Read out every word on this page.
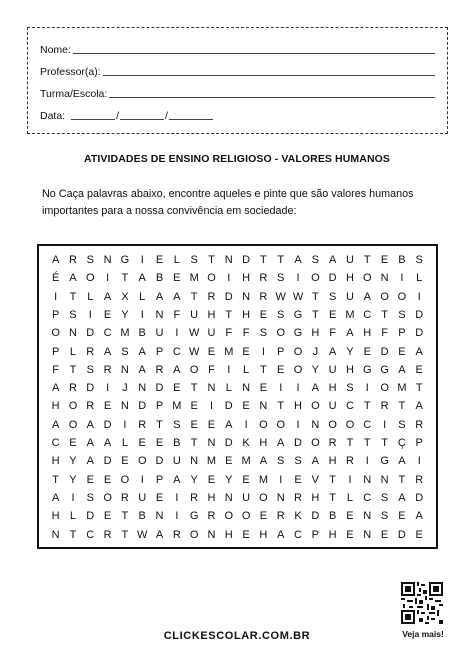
Nome:
Professor(a):
Turma/Escola:
Data:	/	/
ATIVIDADES DE ENSINO RELIGIOSO - VALORES HUMANOS
No Caça palavras abaixo, encontre aqueles e pinte que são valores humanos
importantes para a nossa convivência em sociedade:
A R S N G	I	E L S T N D T T A S A U T E B S
É A O	I	T A B E M O	I	H R S	I	O D H O N	I	L
I	T L A X L A A T R D N R W W T S U A O O	I
P S	I	E Y	I	N F U H T H E S G T E M C T S D
O N D C M B U	I W U F F S O G H F A H F P D
P L R A S A P C W E M E	I	P O J A Y E D E A
F T S R N A R A O F	I	L T E O Y U H G G A E
A R D	I	J N D E T N L N E	I	I	A H S	I	O M T
H O R E N D P M E	I	D E N T H O U C T R T A
A O A D	I	R T S E E A	I	O O	I	N O O C	I	S R
C E A A L E E B T N D K H A D O R T T T Ç P
H Y A D E O D U N M E M A S S A H R	I	G A	I
T Y E E O	I	P A Y E Y E M	I	E V T	I	N N T R
A	I	S O R U E	I	R H N U O N R H T L C S A D
H L D E T B N	I	G R O O E R K D B E N S E A
N T C R T W A R O N H E H A C P H E N E D E
CLICKESCOLAR.COM.BR	Veja mais!
